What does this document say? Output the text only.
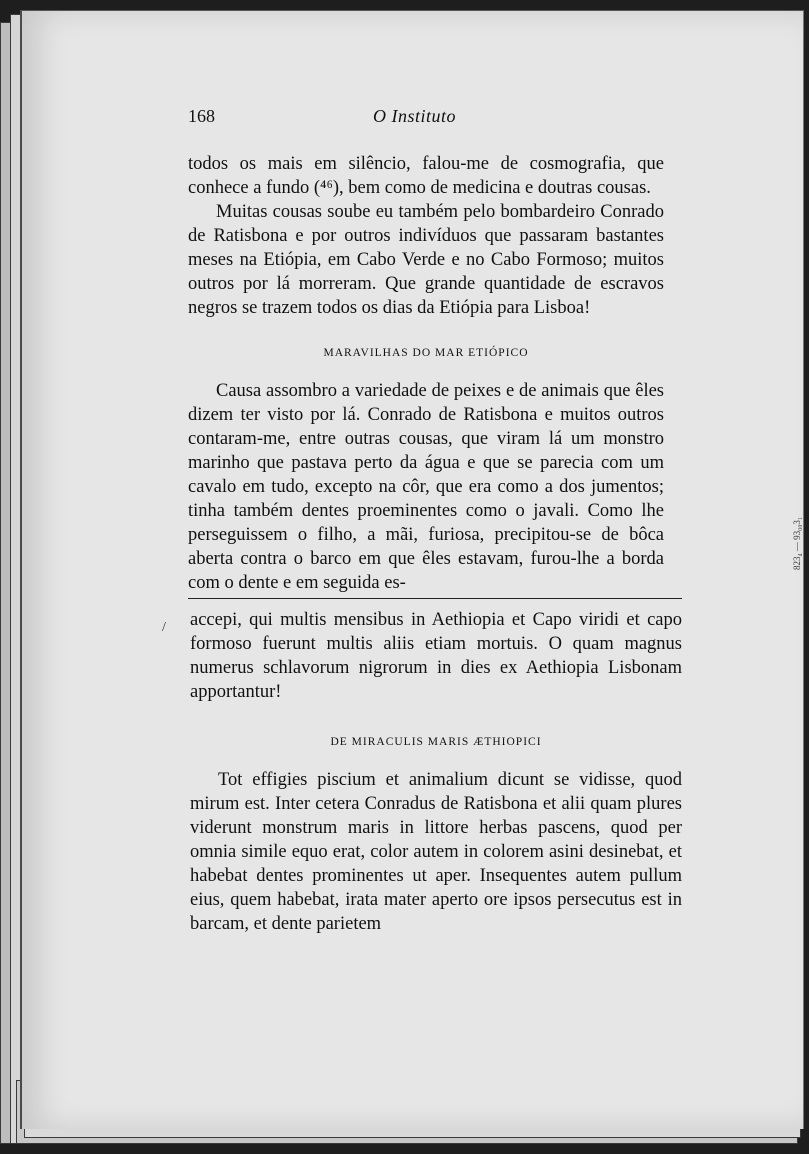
168	O Instituto

todos os mais em silêncio, falou-me de cosmografia, que conhece a fundo (⁴⁶), bem como de medicina e doutras cousas.

Muitas cousas soube eu também pelo bombardeiro Conrado de Ratisbona e por outros indivíduos que passaram bastantes meses na Etiópia, em Cabo Verde e no Cabo Formoso; muitos outros por lá morreram. Que grande quantidade de escravos negros se trazem todos os dias da Etiópia para Lisboa!

MARAVILHAS DO MAR ETIÓPICO

Causa assombro a variedade de peixes e de animais que êles dizem ter visto por lá. Conrado de Ratisbona e muitos outros contaram-me, entre outras cousas, que viram lá um monstro marinho que pastava perto da água e que se parecia com um cavalo em tudo, excepto na côr, que era como a dos jumentos; tinha também dentes proeminentes como o javali. Como lhe perseguissem o filho, a mãi, furiosa, precipitou-se de bôca aberta contra o barco em que êles estavam, furou-lhe a borda com o dente e em seguida es-

/ accepi, qui multis mensibus in Aethiopia et Capo viridi et capo formoso fuerunt multis aliis etiam mortuis. O quam magnus numerus schlavorum nigrorum in dies ex Aethiopia Lisbonam apportantur!

DE MIRACULIS MARIS ÆTHIOPICI

Tot effigies piscium et animalium dicunt se vidisse, quod mirum est. Inter cetera Conradus de Ratisbona et alii quam plures viderunt monstrum maris in littore herbas pascens, quod per omnia simile equo erat, color autem in colorem asini desinebat, et habebat dentes prominentes ut aper. Insequentes autem pullum eius, quem habebat, irata mater aperto ore ipsos persecutus est in barcam, et dente parietem

823₄ — 93₀₀3₁
